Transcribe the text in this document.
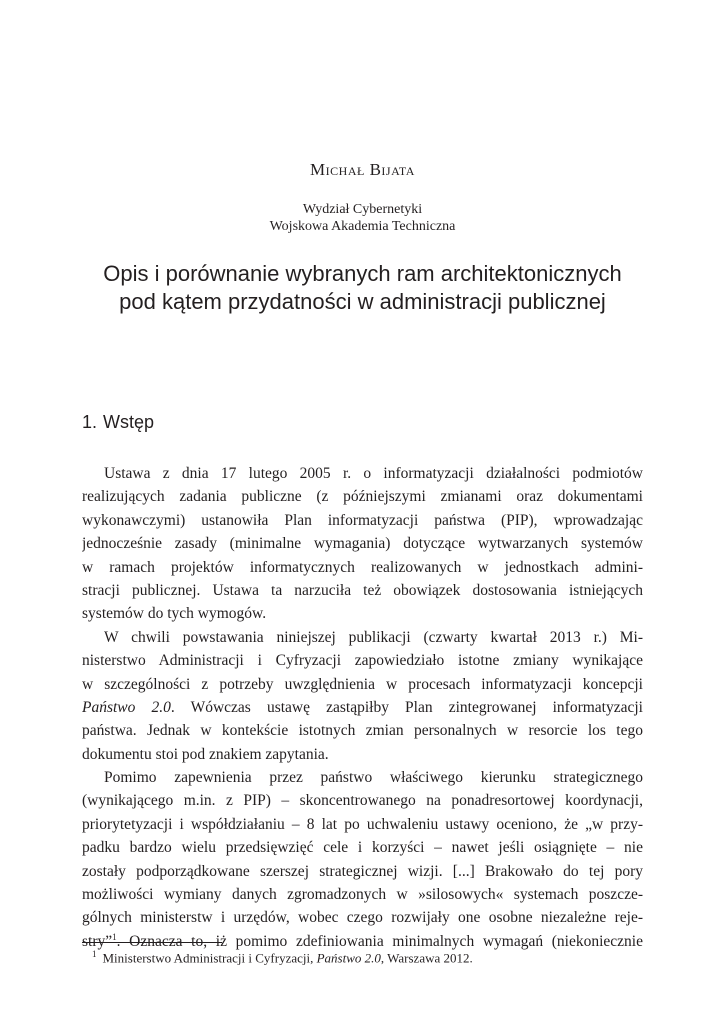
Michał Bijata
Wydział Cybernetyki
Wojskowa Akademia Techniczna
Opis i porównanie wybranych ram architektonicznych
pod kątem przydatności w administracji publicznej
1. Wstęp
Ustawa z dnia 17 lutego 2005 r. o informatyzacji działalności podmiotów
realizujących zadania publiczne (z późniejszymi zmianami oraz dokumentami
wykonawczymi) ustanowiła Plan informatyzacji państwa (PIP), wprowadzając
jednocześnie zasady (minimalne wymagania) dotyczące wytwarzanych systemów
w ramach projektów informatycznych realizowanych w jednostkach admini-
stracji publicznej. Ustawa ta narzuciła też obowiązek dostosowania istniejących
systemów do tych wymogów.
W chwili powstawania niniejszej publikacji (czwarty kwartał 2013 r.) Mi-
nisterstwo Administracji i Cyfryzacji zapowiedziało istotne zmiany wynikające
w szczególności z potrzeby uwzględnienia w procesach informatyzacji koncepcji
Państwo 2.0. Wówczas ustawę zastąpiłby Plan zintegrowanej informatyzacji
państwa. Jednak w kontekście istotnych zmian personalnych w resorcie los tego
dokumentu stoi pod znakiem zapytania.
Pomimo zapewnienia przez państwo właściwego kierunku strategicznego
(wynikającego m.in. z PIP) – skoncentrowanego na ponadresortowej koordynacji,
priorytetyzacji i współdziałaniu – 8 lat po uchwaleniu ustawy oceniono, że „w przy-
padku bardzo wielu przedsięwzięć cele i korzyści – nawet jeśli osiągnięte – nie
zostały podporządkowane szerszej strategicznej wizji. [...] Brakowało do tej pory
możliwości wymiany danych zgromadzonych w »silosowych« systemach poszcze-
gólnych ministerstw i urzędów, wobec czego rozwijały one osobne niezależne reje-
stry”$^1$. Oznacza to, iż pomimo zdefiniowania minimalnych wymagań (niekoniecznie
$^1$ Ministerstwo Administracji i Cyfryzacji, Państwo 2.0, Warszawa 2012.
